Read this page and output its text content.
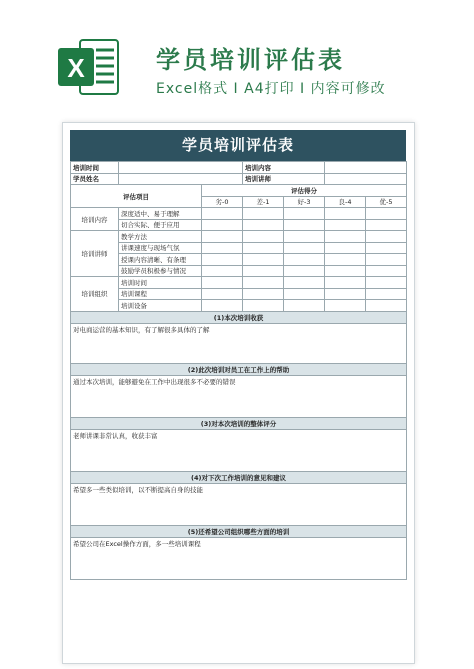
X	学员培训评估表
Excel格式 I A4打印 I 内容可修改
学员培训评估表
培训时间			培训内容			
学员姓名			培训讲师			
评估项目		评估得分				
		劣-0	差-1	好-3	良-4	优-5
培训内容	深度适中、易于理解					
	切合实际、便于应用					
培训讲师	教学方法					
	讲课速度与现场气氛					
	授课内容清晰、有条理					
	鼓励学员积极参与情况					
培训组织	培训时间					
	培训课程					
	培训设备					
(1)本次培训收获						
对电商运营的基本知识，有了解很多具体的了解						
(2)此次培训对员工在工作上的帮助						
通过本次培训，能够避免在工作中出现很多不必要的错误						
(3)对本次培训的整体评分						
老师讲课非常认真，收获丰富						
(4)对下次工作培训的意见和建议						
希望多一些类似培训，以不断提高自身的技能						
(5)还希望公司组织哪些方面的培训						
希望公司在Excel操作方面，多一些培训课程						
